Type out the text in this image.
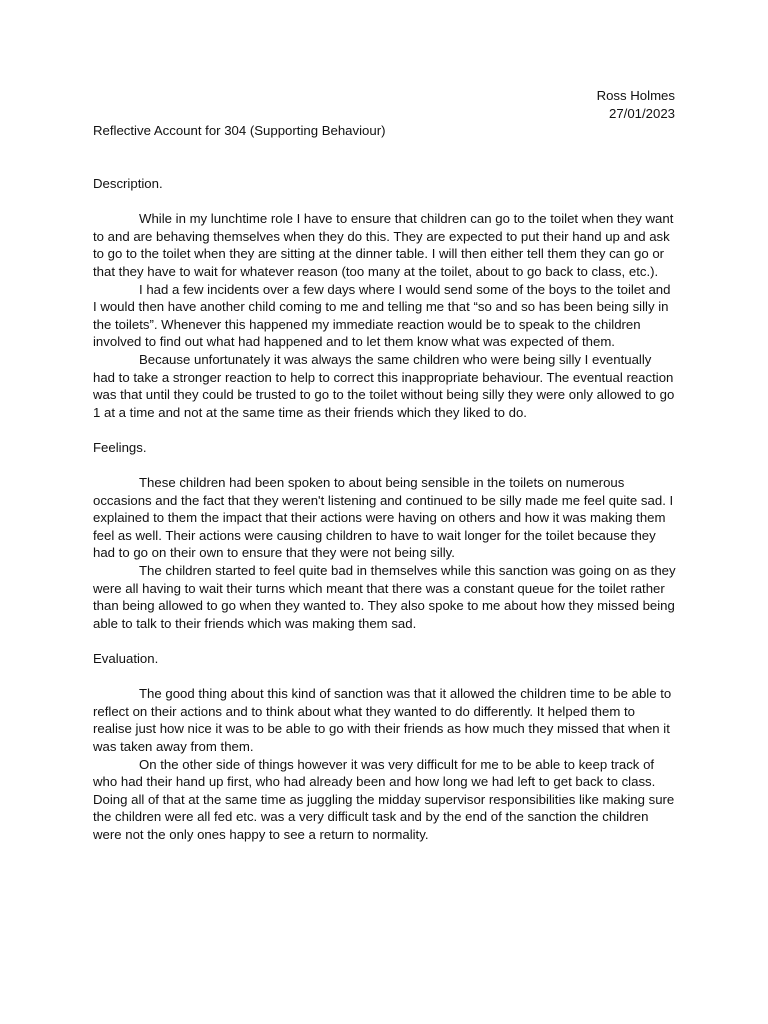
Ross Holmes
27/01/2023
Reflective Account for 304 (Supporting Behaviour)

Description.

While in my lunchtime role I have to ensure that children can go to the toilet when they want to and are behaving themselves when they do this. They are expected to put their hand up and ask to go to the toilet when they are sitting at the dinner table. I will then either tell them they can go or that they have to wait for whatever reason (too many at the toilet, about to go back to class, etc.).

I had a few incidents over a few days where I would send some of the boys to the toilet and I would then have another child coming to me and telling me that “so and so has been being silly in the toilets”. Whenever this happened my immediate reaction would be to speak to the children involved to find out what had happened and to let them know what was expected of them.

Because unfortunately it was always the same children who were being silly I eventually had to take a stronger reaction to help to correct this inappropriate behaviour. The eventual reaction was that until they could be trusted to go to the toilet without being silly they were only allowed to go 1 at a time and not at the same time as their friends which they liked to do.

Feelings.

These children had been spoken to about being sensible in the toilets on numerous occasions and the fact that they weren't listening and continued to be silly made me feel quite sad. I explained to them the impact that their actions were having on others and how it was making them feel as well. Their actions were causing children to have to wait longer for the toilet because they had to go on their own to ensure that they were not being silly.

The children started to feel quite bad in themselves while this sanction was going on as they were all having to wait their turns which meant that there was a constant queue for the toilet rather than being allowed to go when they wanted to. They also spoke to me about how they missed being able to talk to their friends which was making them sad.

Evaluation.

The good thing about this kind of sanction was that it allowed the children time to be able to reflect on their actions and to think about what they wanted to do differently. It helped them to realise just how nice it was to be able to go with their friends as how much they missed that when it was taken away from them.

On the other side of things however it was very difficult for me to be able to keep track of who had their hand up first, who had already been and how long we had left to get back to class. Doing all of that at the same time as juggling the midday supervisor responsibilities like making sure the children were all fed etc. was a very difficult task and by the end of the sanction the children were not the only ones happy to see a return to normality.
